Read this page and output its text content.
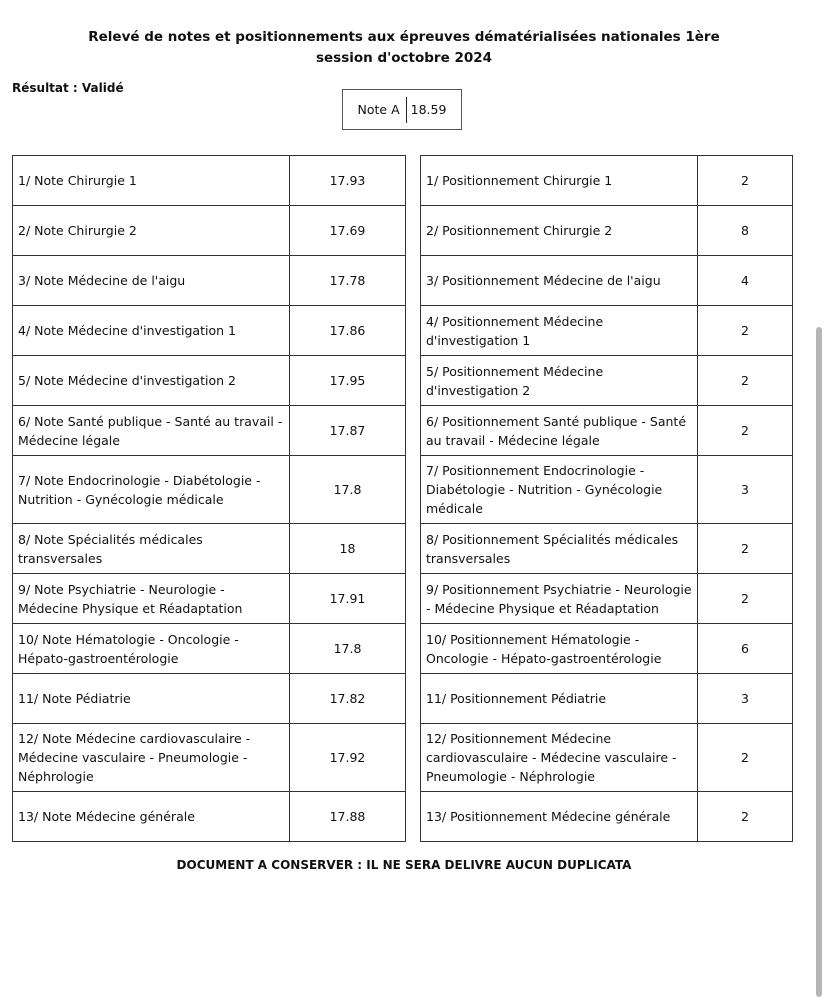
Relevé de notes et positionnements aux épreuves dématérialisées nationales 1ère
session d'octobre 2024
Résultat : Validé
Note A 18.59
1/ Note Chirurgie 1	17.93
2/ Note Chirurgie 2	17.69
3/ Note Médecine de l'aigu	17.78
4/ Note Médecine d'investigation 1	17.86
5/ Note Médecine d'investigation 2	17.95
6/ Note Santé publique - Santé au travail - Médecine légale	17.87
7/ Note Endocrinologie - Diabétologie - Nutrition - Gynécologie médicale	17.8
8/ Note Spécialités médicales transversales	18
9/ Note Psychiatrie - Neurologie - Médecine Physique et Réadaptation	17.91
10/ Note Hématologie - Oncologie - Hépato-gastroentérologie	17.8
11/ Note Pédiatrie	17.82
12/ Note Médecine cardiovasculaire - Médecine vasculaire - Pneumologie - Néphrologie	17.92
13/ Note Médecine générale	17.88
1/ Positionnement Chirurgie 1	2
2/ Positionnement Chirurgie 2	8
3/ Positionnement Médecine de l'aigu	4
4/ Positionnement Médecine d'investigation 1	2
5/ Positionnement Médecine d'investigation 2	2
6/ Positionnement Santé publique - Santé au travail - Médecine légale	2
7/ Positionnement Endocrinologie - Diabétologie - Nutrition - Gynécologie médicale	3
8/ Positionnement Spécialités médicales transversales	2
9/ Positionnement Psychiatrie - Neurologie - Médecine Physique et Réadaptation	2
10/ Positionnement Hématologie - Oncologie - Hépato-gastroentérologie	6
11/ Positionnement Pédiatrie	3
12/ Positionnement Médecine cardiovasculaire - Médecine vasculaire - Pneumologie - Néphrologie	2
13/ Positionnement Médecine générale	2
DOCUMENT A CONSERVER : IL NE SERA DELIVRE AUCUN DUPLICATA
